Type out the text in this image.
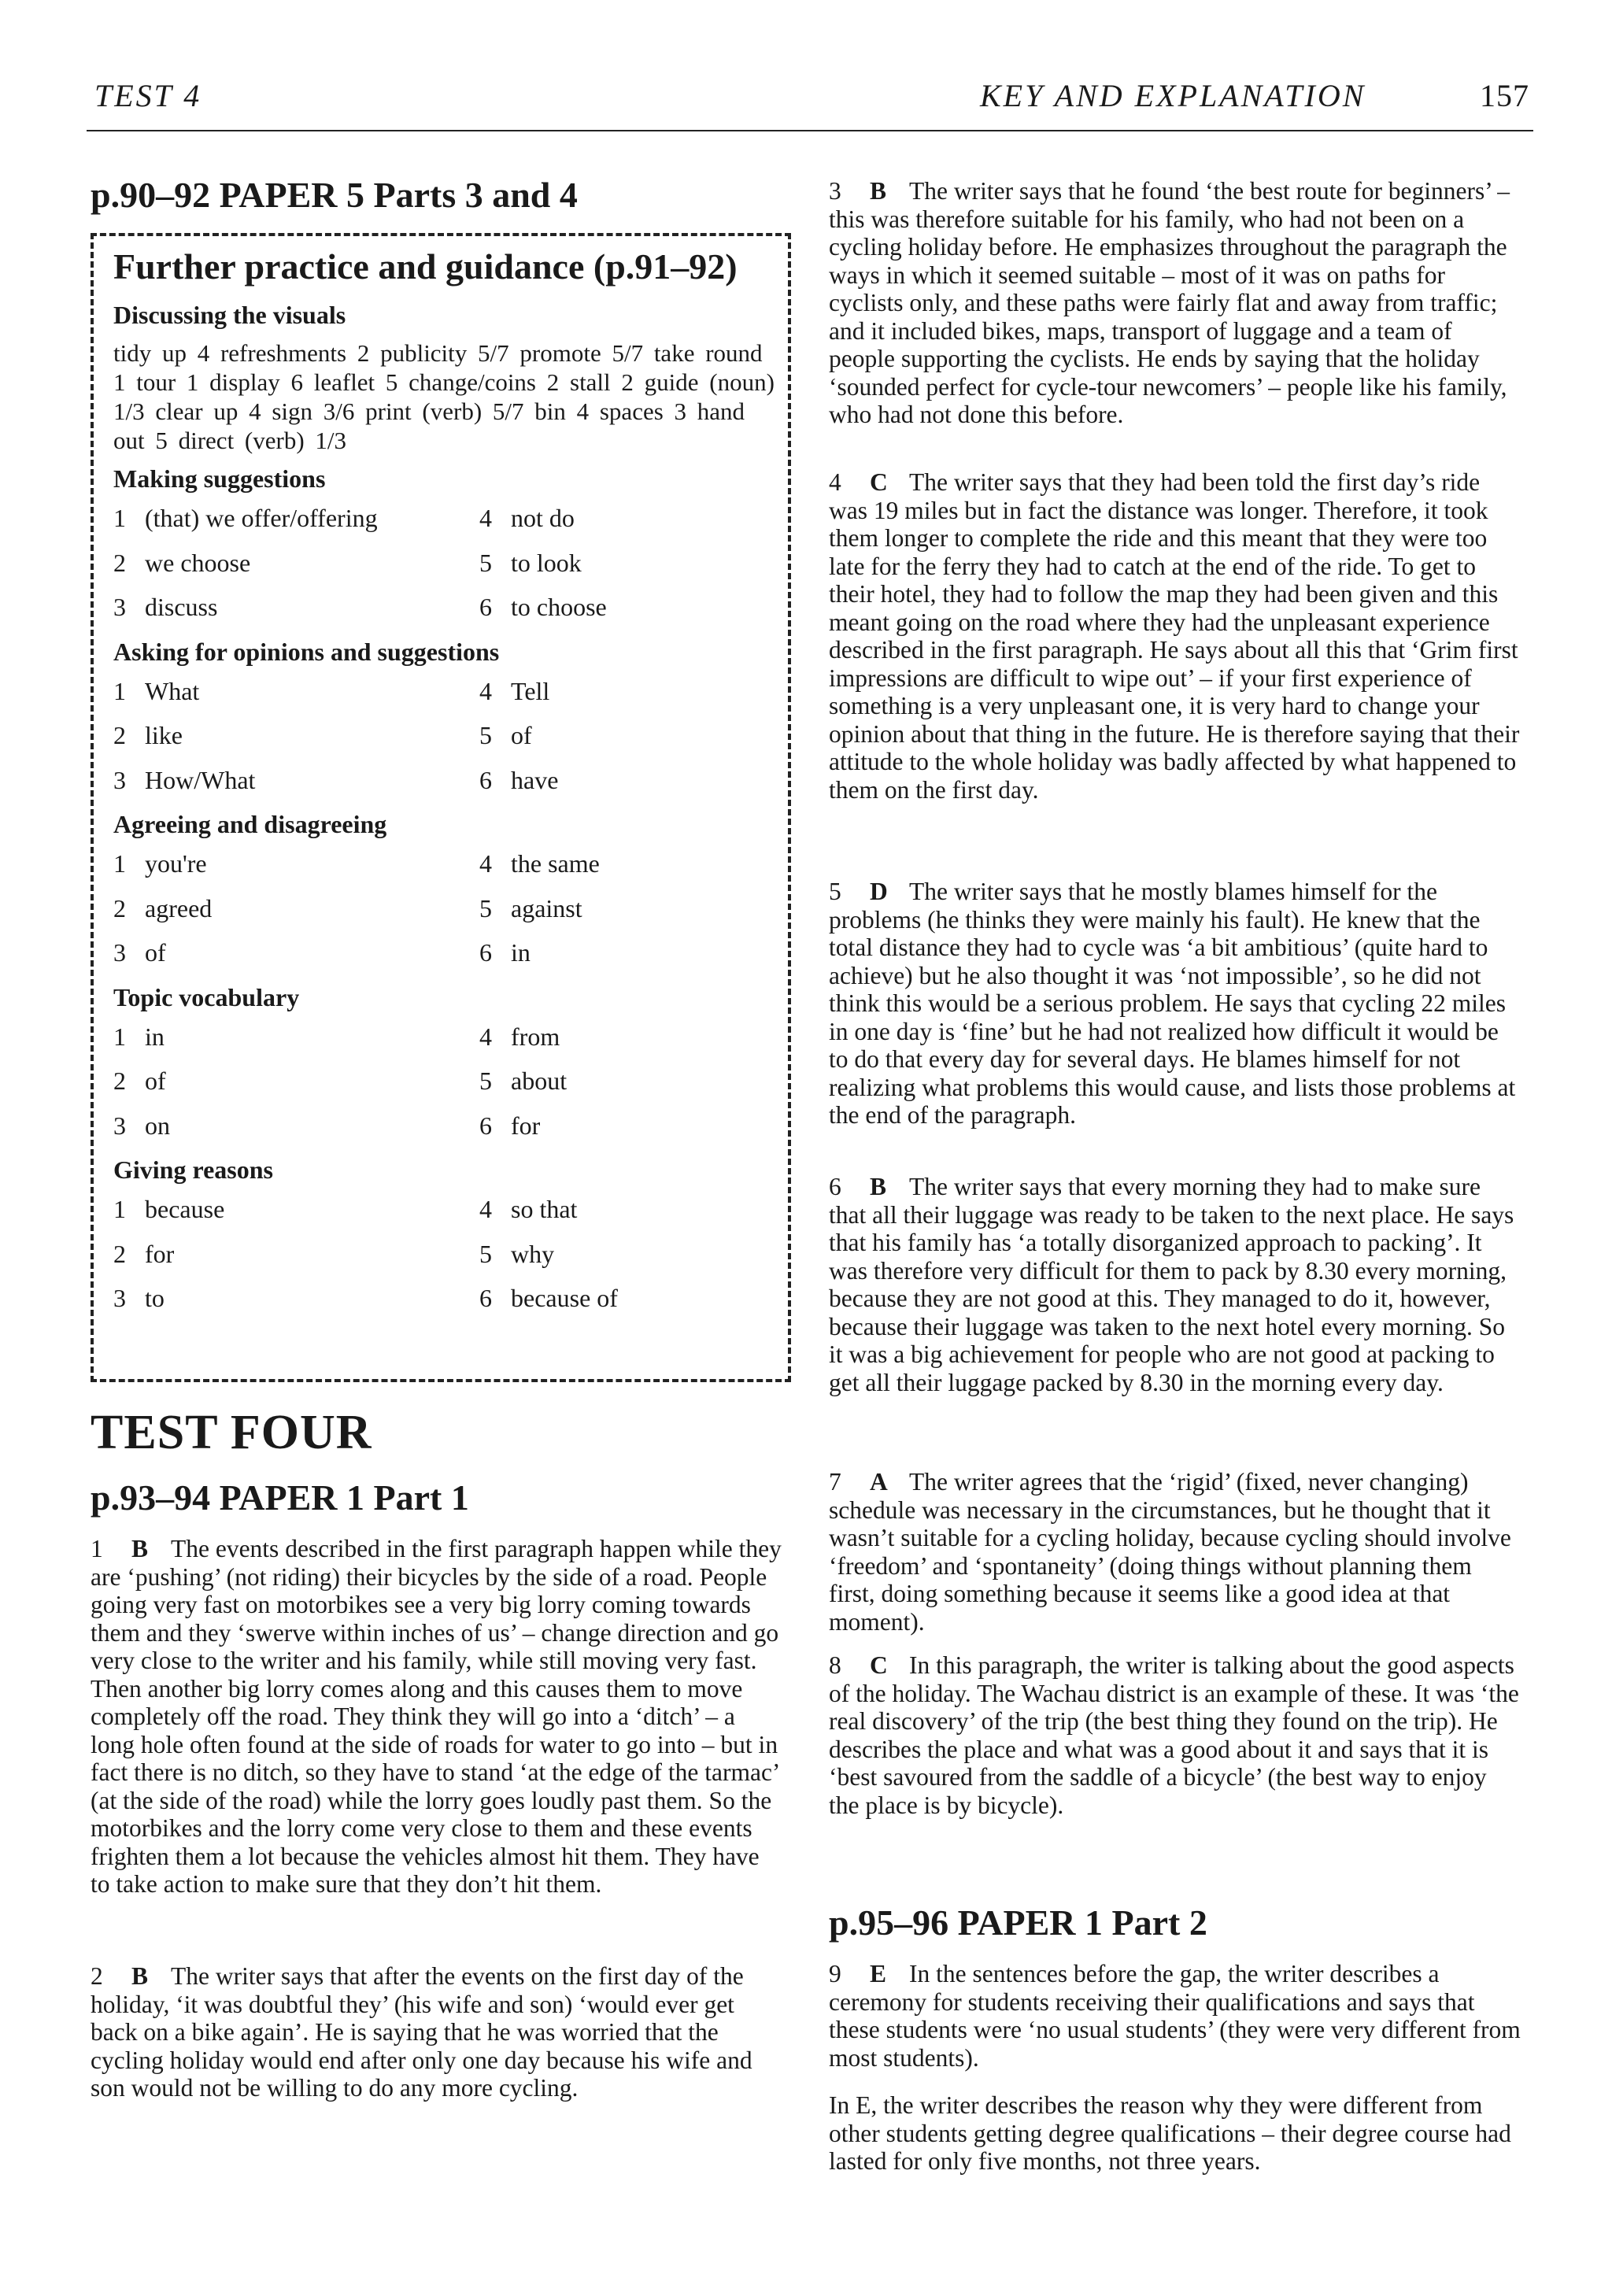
TEST 4	KEY AND EXPLANATION	157
p.90–92 PAPER 5 Parts 3 and 4
Further practice and guidance (p.91–92)
Discussing the visuals
tidy up 4 refreshments 2 publicity 5/7 promote 5/7 take round 1 tour 1 display 6 leaflet 5 change/coins 2 stall 2 guide (noun) 1/3 clear up 4 sign 3/6 print (verb) 5/7 bin 4 spaces 3 hand out 5 direct (verb) 1/3
Making suggestions
1 (that) we offer/offering	4 not do
2 we choose	5 to look
3 discuss	6 to choose
Asking for opinions and suggestions
1 What	4 Tell
2 like	5 of
3 How/What	6 have
Agreeing and disagreeing
1 you're	4 the same
2 agreed	5 against
3 of	6 in
Topic vocabulary
1 in	4 from
2 of	5 about
3 on	6 for
Giving reasons
1 because	4 so that
2 for	5 why
3 to	6 because of
TEST FOUR
p.93–94 PAPER 1 Part 1

1 B The events described in the first paragraph happen while they are ‘pushing’ (not riding) their bicycles by the side of a road. People going very fast on motorbikes see a very big lorry coming towards them and they ‘swerve within inches of us’ – change direction and go very close to the writer and his family, while still moving very fast. Then another big lorry comes along and this causes them to move completely off the road. They think they will go into a ‘ditch’ – a long hole often found at the side of roads for water to go into – but in fact there is no ditch, so they have to stand ‘at the edge of the tarmac’ (at the side of the road) while the lorry goes loudly past them. So the motorbikes and the lorry come very close to them and these events frighten them a lot because the vehicles almost hit them. They have to take action to make sure that they don’t hit them.

2 B The writer says that after the events on the first day of the holiday, ‘it was doubtful they’ (his wife and son) ‘would ever get back on a bike again’. He is saying that he was worried that the cycling holiday would end after only one day because his wife and son would not be willing to do any more cycling.

3 B The writer says that he found ‘the best route for beginners’ – this was therefore suitable for his family, who had not been on a cycling holiday before. He emphasizes throughout the paragraph the ways in which it seemed suitable – most of it was on paths for cyclists only, and these paths were fairly flat and away from traffic; and it included bikes, maps, transport of luggage and a team of people supporting the cyclists. He ends by saying that the holiday ‘sounded perfect for cycle-tour newcomers’ – people like his family, who had not done this before.

4 C The writer says that they had been told the first day’s ride was 19 miles but in fact the distance was longer. Therefore, it took them longer to complete the ride and this meant that they were too late for the ferry they had to catch at the end of the ride. To get to their hotel, they had to follow the map they had been given and this meant going on the road where they had the unpleasant experience described in the first paragraph. He says about all this that ‘Grim first impressions are difficult to wipe out’ – if your first experience of something is a very unpleasant one, it is very hard to change your opinion about that thing in the future. He is therefore saying that their attitude to the whole holiday was badly affected by what happened to them on the first day.

5 D The writer says that he mostly blames himself for the problems (he thinks they were mainly his fault). He knew that the total distance they had to cycle was ‘a bit ambitious’ (quite hard to achieve) but he also thought it was ‘not impossible’, so he did not think this would be a serious problem. He says that cycling 22 miles in one day is ‘fine’ but he had not realized how difficult it would be to do that every day for several days. He blames himself for not realizing what problems this would cause, and lists those problems at the end of the paragraph.

6 B The writer says that every morning they had to make sure that all their luggage was ready to be taken to the next place. He says that his family has ‘a totally disorganized approach to packing’. It was therefore very difficult for them to pack by 8.30 every morning, because they are not good at this. They managed to do it, however, because their luggage was taken to the next hotel every morning. So it was a big achievement for people who are not good at packing to get all their luggage packed by 8.30 in the morning every day.

7 A The writer agrees that the ‘rigid’ (fixed, never changing) schedule was necessary in the circumstances, but he thought that it wasn’t suitable for a cycling holiday, because cycling should involve ‘freedom’ and ‘spontaneity’ (doing things without planning them first, doing something because it seems like a good idea at that moment).

8 C In this paragraph, the writer is talking about the good aspects of the holiday. The Wachau district is an example of these. It was ‘the real discovery’ of the trip (the best thing they found on the trip). He describes the place and what was a good about it and says that it is ‘best savoured from the saddle of a bicycle’ (the best way to enjoy the place is by bicycle).

p.95–96 PAPER 1 Part 2

9 E In the sentences before the gap, the writer describes a ceremony for students receiving their qualifications and says that these students were ‘no usual students’ (they were very different from most students).

In E, the writer describes the reason why they were different from other students getting degree qualifications – their degree course had lasted for only five months, not three years.
